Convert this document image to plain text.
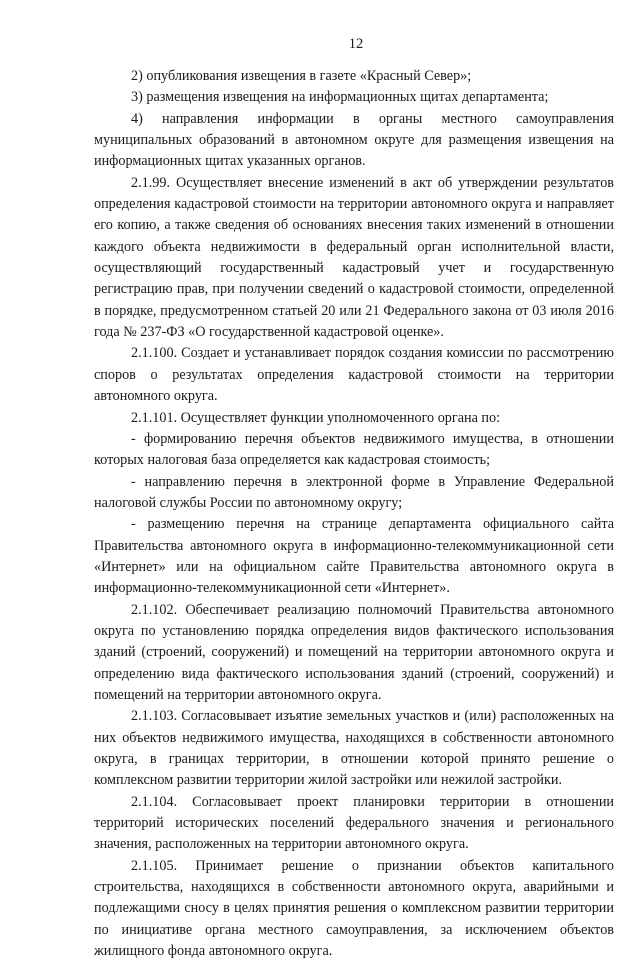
12

2) опубликования извещения в газете «Красный Север»;

3) размещения извещения на информационных щитах департамента;

4) направления информации в органы местного самоуправления муниципальных образований в автономном округе для размещения извещения на информационных щитах указанных органов.

2.1.99. Осуществляет внесение изменений в акт об утверждении результатов определения кадастровой стоимости на территории автономного округа и направляет его копию, а также сведения об основаниях внесения таких изменений в отношении каждого объекта недвижимости в федеральный орган исполнительной власти, осуществляющий государственный кадастровый учет и государственную регистрацию прав, при получении сведений о кадастровой стоимости, определенной в порядке, предусмотренном статьей 20 или 21 Федерального закона от 03 июля 2016 года № 237-ФЗ «О государственной кадастровой оценке».

2.1.100. Создает и устанавливает порядок создания комиссии по рассмотрению споров о результатах определения кадастровой стоимости на территории автономного округа.

2.1.101. Осуществляет функции уполномоченного органа по:

- формированию перечня объектов недвижимого имущества, в отношении которых налоговая база определяется как кадастровая стоимость;

- направлению перечня в электронной форме в Управление Федеральной налоговой службы России по автономному округу;

- размещению перечня на странице департамента официального сайта Правительства автономного округа в информационно-телекоммуникационной сети «Интернет» или на официальном сайте Правительства автономного округа в информационно-телекоммуникационной сети «Интернет».

2.1.102. Обеспечивает реализацию полномочий Правительства автономного округа по установлению порядка определения видов фактического использования зданий (строений, сооружений) и помещений на территории автономного округа и определению вида фактического использования зданий (строений, сооружений) и помещений на территории автономного округа.

2.1.103. Согласовывает изъятие земельных участков и (или) расположенных на них объектов недвижимого имущества, находящихся в собственности автономного округа, в границах территории, в отношении которой принято решение о комплексном развитии территории жилой застройки или нежилой застройки.

2.1.104. Согласовывает проект планировки территории в отношении территорий исторических поселений федерального значения и регионального значения, расположенных на территории автономного округа.

2.1.105. Принимает решение о признании объектов капитального строительства, находящихся в собственности автономного округа, аварийными и подлежащими сносу в целях принятия решения о комплексном развитии территории по инициативе органа местного самоуправления, за исключением объектов жилищного фонда автономного округа.
